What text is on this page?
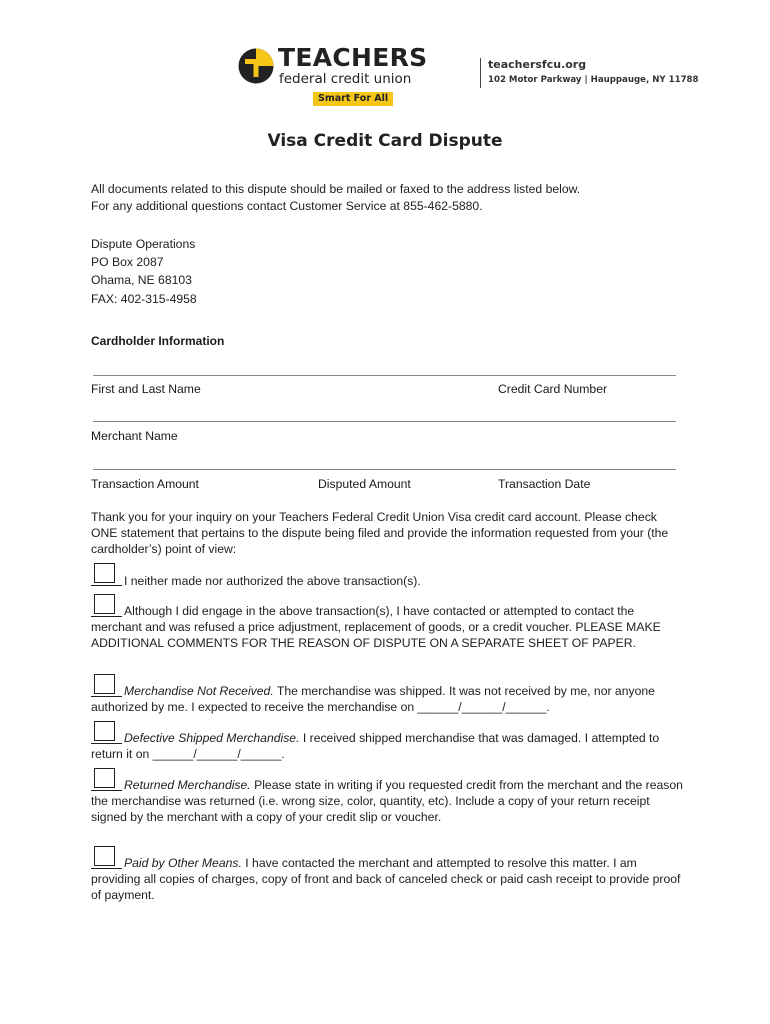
TEACHERS
federal credit union
Smart For All
teachersfcu.org
102 Motor Parkway | Hauppauge, NY 11788
Visa Credit Card Dispute
All documents related to this dispute should be mailed or faxed to the address listed below.
For any additional questions contact Customer Service at 855-462-5880.
Dispute Operations
PO Box 2087
Ohama, NE 68103
FAX: 402-315-4958
Cardholder Information
First and Last Name	Credit Card Number
Merchant Name
Transaction Amount	Disputed Amount	Transaction Date
Thank you for your inquiry on your Teachers Federal Credit Union Visa credit card account. Please check ONE statement that pertains to the dispute being filed and provide the information requested from your (the cardholder’s) point of view:
I neither made nor authorized the above transaction(s).
Although I did engage in the above transaction(s), I have contacted or attempted to contact the merchant and was refused a price adjustment, replacement of goods, or a credit voucher. PLEASE MAKE ADDITIONAL COMMENTS FOR THE REASON OF DISPUTE ON A SEPARATE SHEET OF PAPER.
Merchandise Not Received. The merchandise was shipped. It was not received by me, nor anyone authorized by me. I expected to receive the merchandise on ______/______/______.
Defective Shipped Merchandise. I received shipped merchandise that was damaged. I attempted to return it on ______/______/______.
Returned Merchandise. Please state in writing if you requested credit from the merchant and the reason the merchandise was returned (i.e. wrong size, color, quantity, etc). Include a copy of your return receipt signed by the merchant with a copy of your credit slip or voucher.
Paid by Other Means. I have contacted the merchant and attempted to resolve this matter. I am providing all copies of charges, copy of front and back of canceled check or paid cash receipt to provide proof of payment.
